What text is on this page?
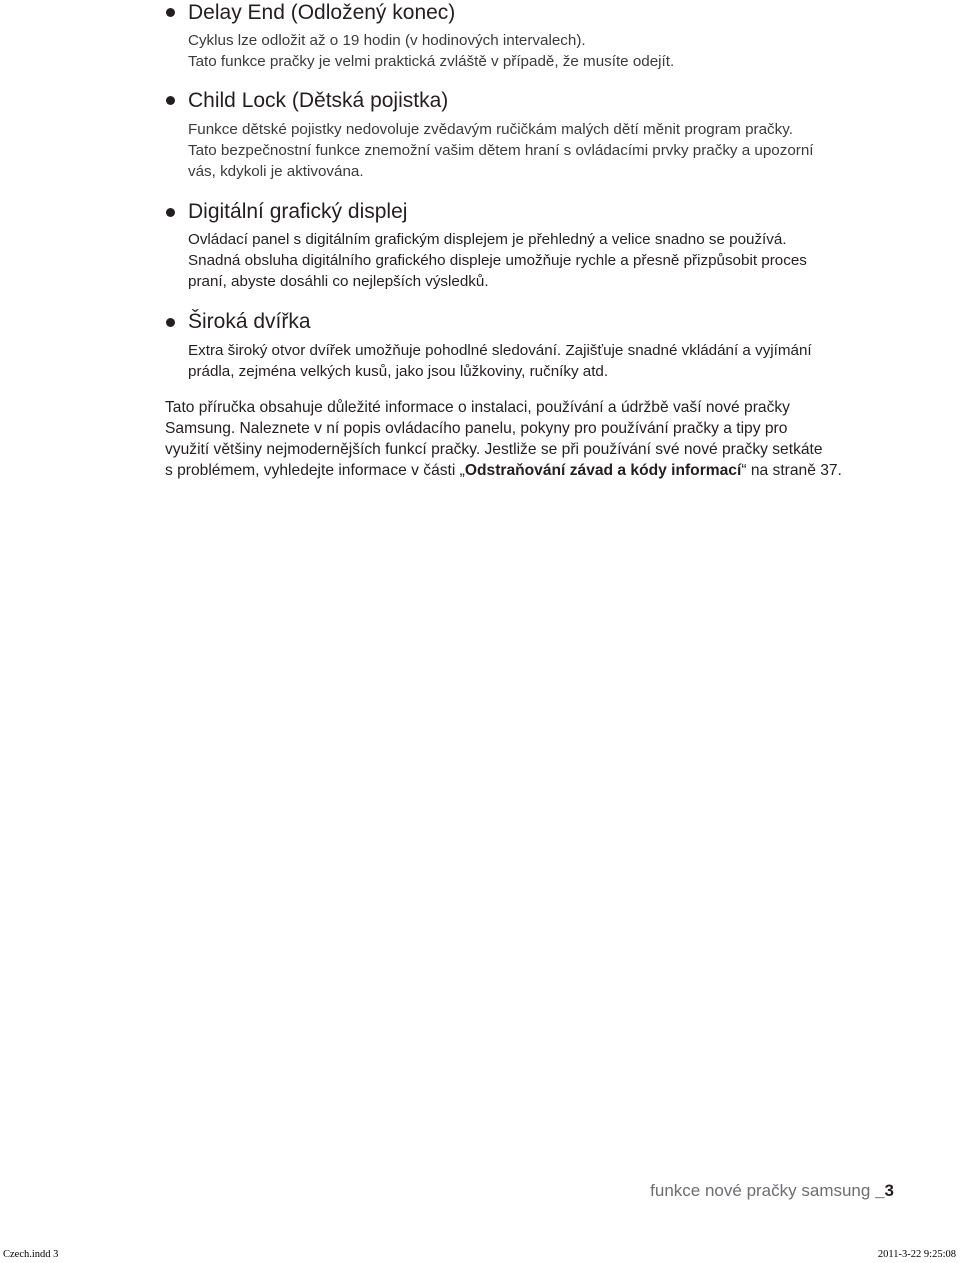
Delay End (Odložený konec)
Cyklus lze odložit až o 19 hodin (v hodinových intervalech).
Tato funkce pračky je velmi praktická zvláště v případě, že musíte odejít.
Child Lock (Dětská pojistka)
Funkce dětské pojistky nedovoluje zvědavým ručičkám malých dětí měnit program pračky.
Tato bezpečnostní funkce znemožní vašim dětem hraní s ovládacími prvky pračky a upozorní
vás, kdykoli je aktivována.
Digitální grafický displej
Ovládací panel s digitálním grafickým displejem je přehledný a velice snadno se používá.
Snadná obsluha digitálního grafického displeje umožňuje rychle a přesně přizpůsobit proces
praní, abyste dosáhli co nejlepších výsledků.
Široká dvířka
Extra široký otvor dvířek umožňuje pohodlné sledování. Zajišťuje snadné vkládání a vyjímání
prádla, zejména velkých kusů, jako jsou lůžkoviny, ručníky atd.
Tato příručka obsahuje důležité informace o instalaci, používání a údržbě vaší nové pračky
Samsung. Naleznete v ní popis ovládacího panelu, pokyny pro používání pračky a tipy pro
využití většiny nejmodernějších funkcí pračky. Jestliže se při používání své nové pračky setkáte
s problémem, vyhledejte informace v části „Odstraňování závad a kódy informací“ na straně 37.
funkce nové pračky samsung _3
Czech.indd 3	2011-3-22 9:25:08
